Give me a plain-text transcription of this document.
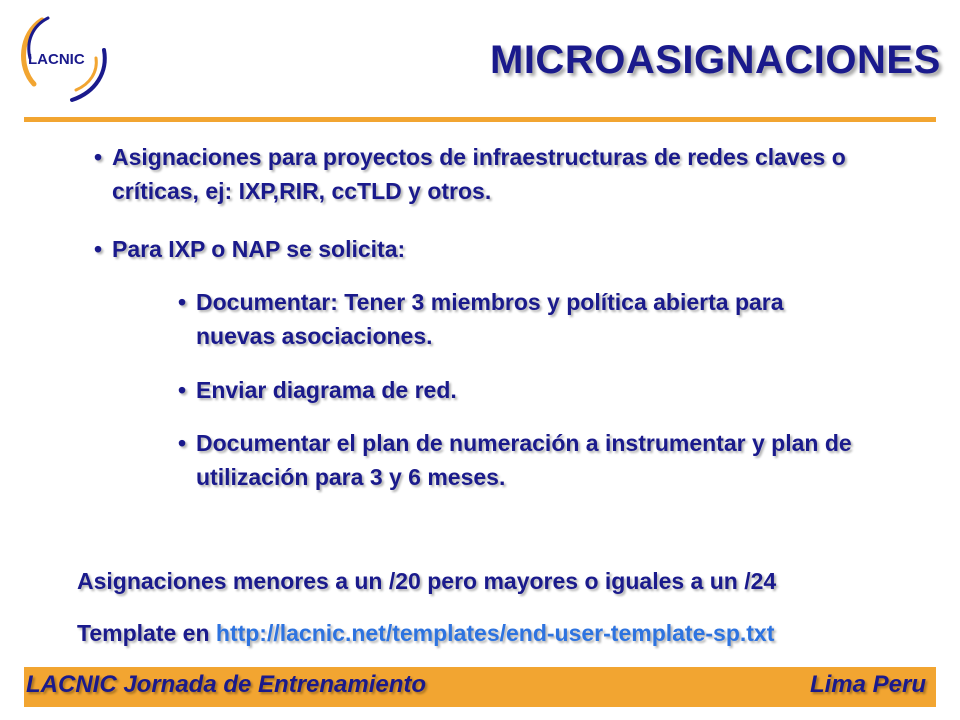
LACNIC	MICROASIGNACIONES
• Asignaciones para proyectos de infraestructuras de redes claves o críticas, ej: IXP,RIR, ccTLD y otros.
• Para IXP o NAP se solicita:
• Documentar: Tener 3 miembros y política abierta para nuevas asociaciones.
• Enviar diagrama de red.
• Documentar el plan de numeración a instrumentar y plan de utilización para 3 y 6 meses.
Asignaciones menores a un /20 pero mayores o iguales a un /24
Template en http://lacnic.net/templates/end-user-template-sp.txt
LACNIC Jornada de Entrenamiento	Lima Peru
